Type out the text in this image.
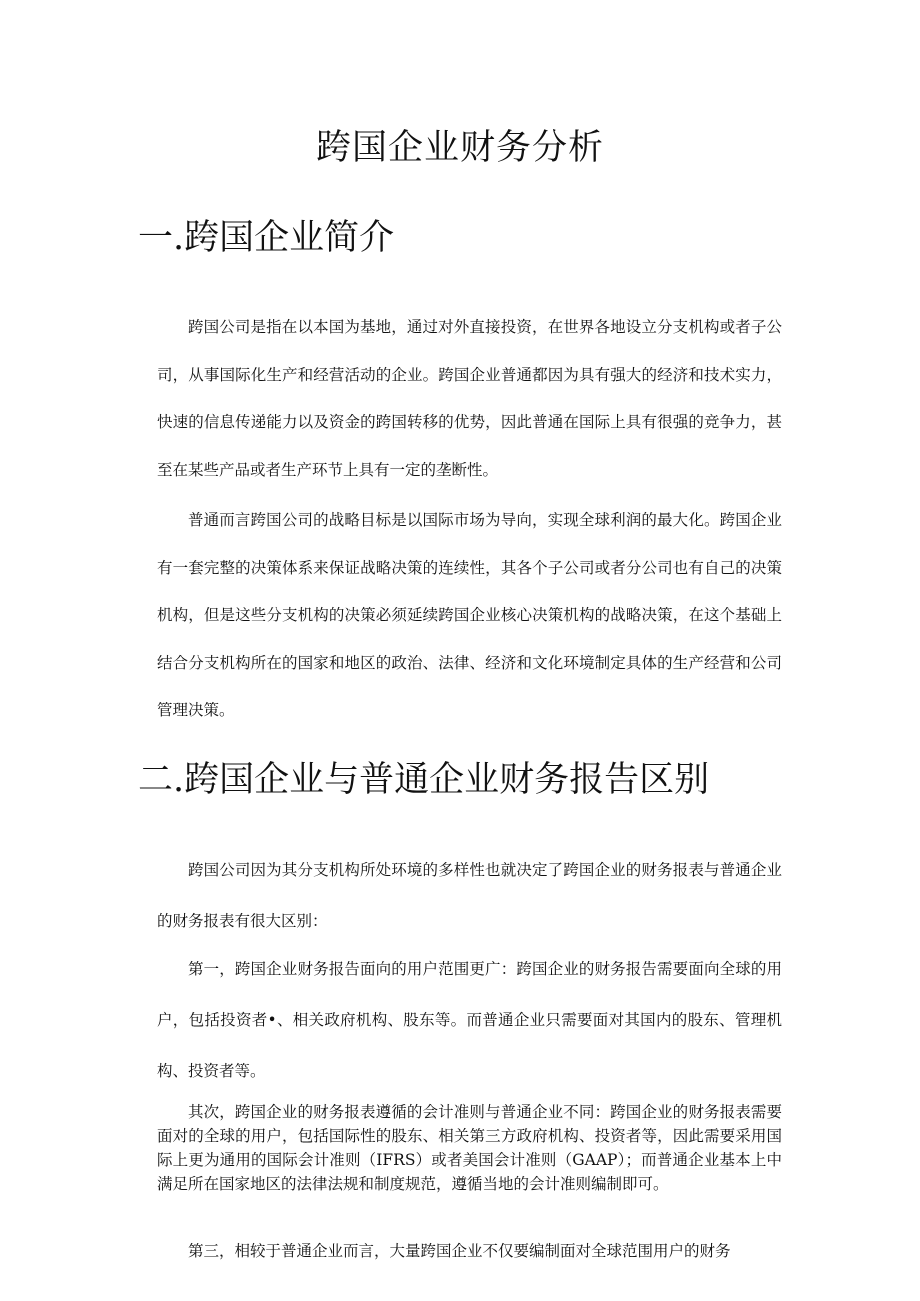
跨国企业财务分析
一.跨国企业简介

跨国公司是指在以本国为基地，通过对外直接投资，在世界各地设立分支机构或者子公司，从事国际化生产和经营活动的企业。跨国企业普通都因为具有强大的经济和技术实力，快速的信息传递能力以及资金的跨国转移的优势，因此普通在国际上具有很强的竞争力，甚至在某些产品或者生产环节上具有一定的垄断性。

普通而言跨国公司的战略目标是以国际市场为导向，实现全球利润的最大化。跨国企业有一套完整的决策体系来保证战略决策的连续性，其各个子公司或者分公司也有自己的决策机构，但是这些分支机构的决策必须延续跨国企业核心决策机构的战略决策，在这个基础上结合分支机构所在的国家和地区的政治、法律、经济和文化环境制定具体的生产经营和公司管理决策。

二.跨国企业与普通企业财务报告区别

跨国公司因为其分支机构所处环境的多样性也就决定了跨国企业的财务报表与普通企业的财务报表有很大区别：

第一，跨国企业财务报告面向的用户范围更广：跨国企业的财务报告需要面向全球的用户，包括投资者•、相关政府机构、股东等。而普通企业只需要面对其国内的股东、管理机构、投资者等。

其次，跨国企业的财务报表遵循的会计准则与普通企业不同：跨国企业的财务报表需要面对的全球的用户，包括国际性的股东、相关第三方政府机构、投资者等，因此需要采用国际上更为通用的国际会计准则（IFRS）或者美国会计准则（GAAP）；而普通企业基本上中满足所在国家地区的法律法规和制度规范，遵循当地的会计准则编制即可。

第三，相较于普通企业而言，大量跨国企业不仅要编制面对全球范围用户的财务
